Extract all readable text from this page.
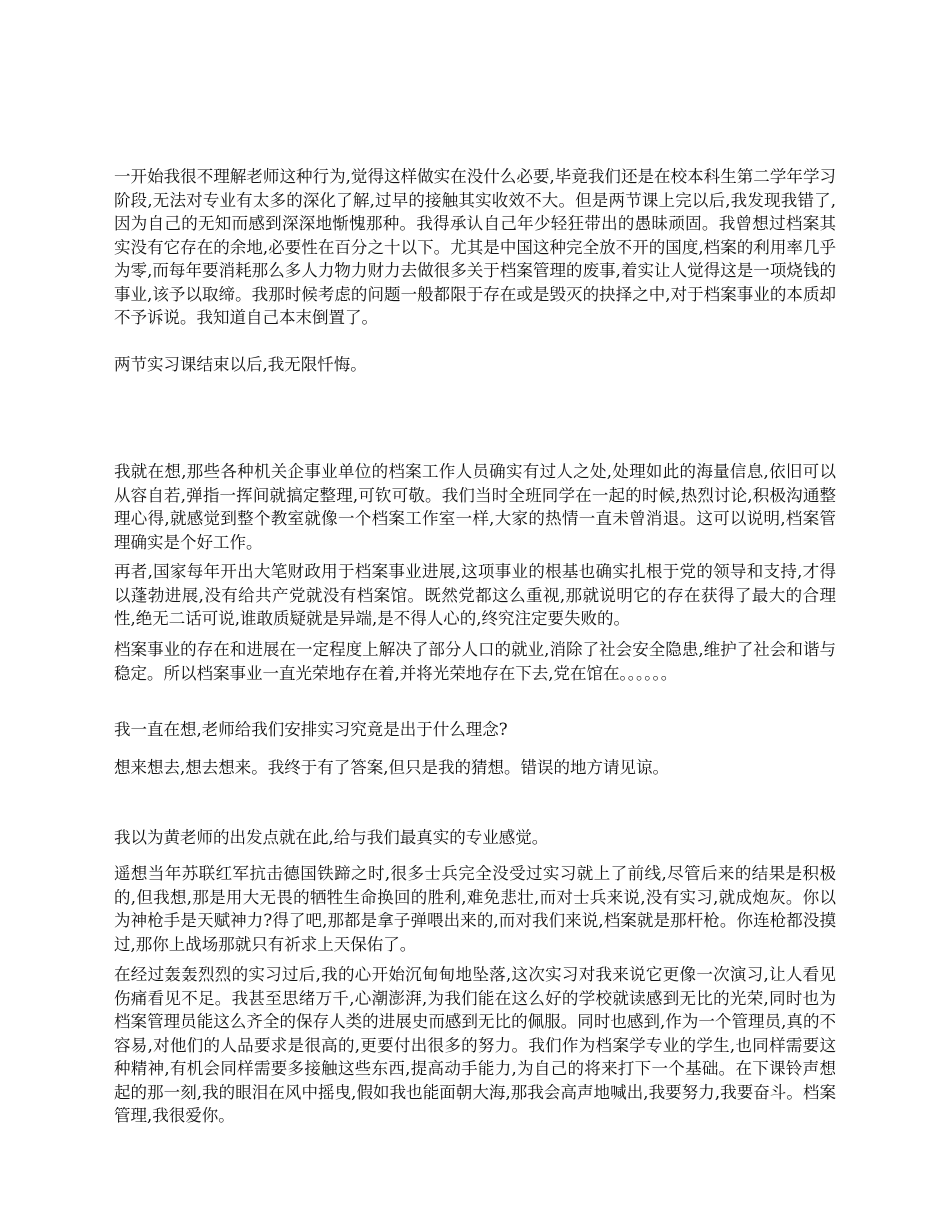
一开始我很不理解老师这种行为,觉得这样做实在没什么必要,毕竟我们还是在校本科生第二学年学习阶段,无法对专业有太多的深化了解,过早的接触其实收效不大。但是两节课上完以后,我发现我错了,因为自己的无知而感到深深地惭愧那种。我得承认自己年少轻狂带出的愚昧顽固。我曾想过档案其实没有它存在的余地,必要性在百分之十以下。尤其是中国这种完全放不开的国度,档案的利用率几乎为零,而每年要消耗那么多人力物力财力去做很多关于档案管理的废事,着实让人觉得这是一项烧钱的事业,该予以取缔。我那时候考虑的问题一般都限于存在或是毁灭的抉择之中,对于档案事业的本质却不予诉说。我知道自己本末倒置了。

两节实习课结束以后,我无限忏悔。

我就在想,那些各种机关企事业单位的档案工作人员确实有过人之处,处理如此的海量信息,依旧可以从容自若,弹指一挥间就搞定整理,可钦可敬。我们当时全班同学在一起的时候,热烈讨论,积极沟通整理心得,就感觉到整个教室就像一个档案工作室一样,大家的热情一直未曾消退。这可以说明,档案管理确实是个好工作。

再者,国家每年开出大笔财政用于档案事业进展,这项事业的根基也确实扎根于党的领导和支持,才得以蓬勃进展,没有给共产党就没有档案馆。既然党都这么重视,那就说明它的存在获得了最大的合理性,绝无二话可说,谁敢质疑就是异端,是不得人心的,终究注定要失败的。

档案事业的存在和进展在一定程度上解决了部分人口的就业,消除了社会安全隐患,维护了社会和谐与稳定。所以档案事业一直光荣地存在着,并将光荣地存在下去,党在馆在。。。。。。

我一直在想,老师给我们安排实习究竟是出于什么理念?

想来想去,想去想来。我终于有了答案,但只是我的猜想。错误的地方请见谅。

我以为黄老师的出发点就在此,给与我们最真实的专业感觉。

遥想当年苏联红军抗击德国铁蹄之时,很多士兵完全没受过实习就上了前线,尽管后来的结果是积极的,但我想,那是用大无畏的牺牲生命换回的胜利,难免悲壮,而对士兵来说,没有实习,就成炮灰。你以为神枪手是天赋神力?得了吧,那都是拿子弹喂出来的,而对我们来说,档案就是那杆枪。你连枪都没摸过,那你上战场那就只有祈求上天保佑了。

在经过轰轰烈烈的实习过后,我的心开始沉甸甸地坠落,这次实习对我来说它更像一次演习,让人看见伤痛看见不足。我甚至思绪万千,心潮澎湃,为我们能在这么好的学校就读感到无比的光荣,同时也为档案管理员能这么齐全的保存人类的进展史而感到无比的佩服。同时也感到,作为一个管理员,真的不容易,对他们的人品要求是很高的,更要付出很多的努力。我们作为档案学专业的学生,也同样需要这种精神,有机会同样需要多接触这些东西,提高动手能力,为自己的将来打下一个基础。在下课铃声想起的那一刻,我的眼泪在风中摇曳,假如我也能面朝大海,那我会高声地喊出,我要努力,我要奋斗。档案管理,我很爱你。
